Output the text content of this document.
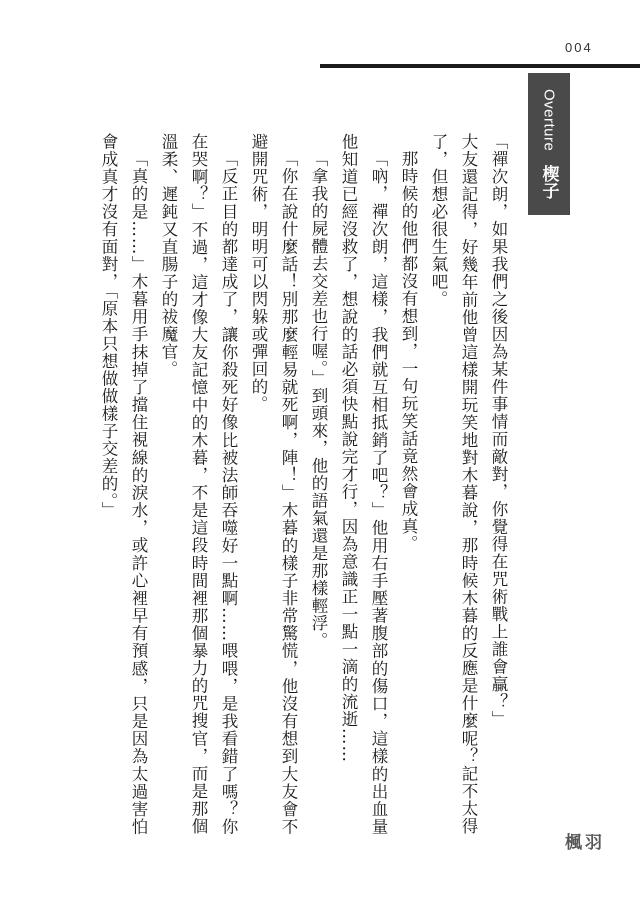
004
Overture
楔子

「禪次朗，如果我們之後因為某件事情而敵對，你覺得在咒術戰上誰會贏？」

大友還記得，好幾年前他曾這樣開玩笑地對木暮說，那時候木暮的反應是什麼呢？記不太得了，但想必很生氣吧。

那時候的他們都沒有想到，一句玩笑話竟然會成真。

「吶，禪次朗，這樣，我們就互相抵銷了吧？」他用右手壓著腹部的傷口，這樣的出血量他知道已經沒救了，想說的話必須快點說完才行，因為意識正一點一滴的流逝……

「拿我的屍體去交差也行喔。」到頭來，他的語氣還是那樣輕浮。

「你在說什麼話！別那麼輕易就死啊，陣！」木暮的樣子非常驚慌，他沒有想到大友會不避開咒術，明明可以閃躲或彈回的。

「反正目的都達成了，讓你殺死好像比被法師吞噬好一點啊……喂喂，是我看錯了嗎？你在哭啊？」不過，這才像大友記憶中的木暮，不是這段時間裡那個暴力的咒搜官，而是那個溫柔、遲鈍又直腸子的祓魔官。

「真的是……」木暮用手抹掉了擋住視線的淚水，或許心裡早有預感，只是因為太過害怕會成真才沒有面對，「原本只想做做樣子交差的。」

楓羽
